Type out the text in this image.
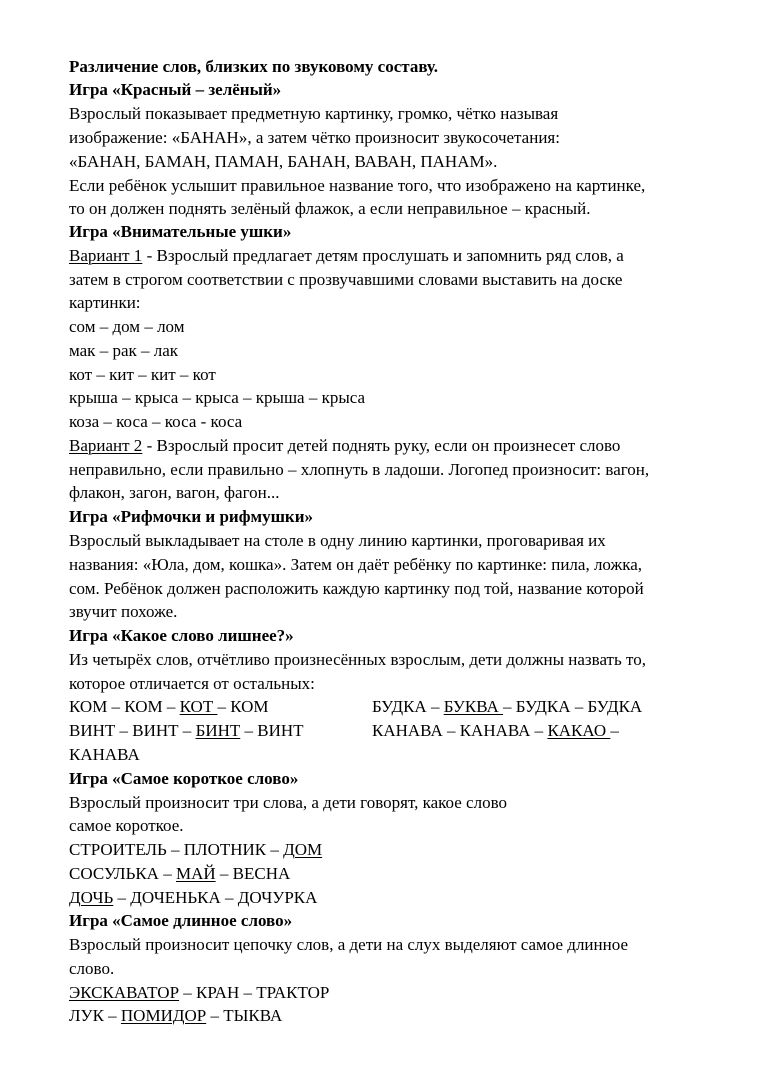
Различение слов, близких по звуковому составу.
Игра «Красный – зелёный»
Взрослый показывает предметную картинку, громко, чётко называя
изображение: «БАНАН», а затем чётко произносит звукосочетания:
«БАНАН, БАМАН, ПАМАН, БАНАН, ВАВАН, ПАНАМ».
Если ребёнок услышит правильное название того, что изображено на картинке,
то он должен поднять зелёный флажок, а если неправильное – красный.
Игра «Внимательные ушки»
Вариант 1 - Взрослый предлагает детям прослушать и запомнить ряд слов, а
затем в строгом соответствии с прозвучавшими словами выставить на доске
картинки:
сом – дом – лом
мак – рак – лак
кот – кит – кит – кот
крыша – крыса – крыса – крыша – крыса
коза – коса – коса - коса
Вариант 2 - Взрослый просит детей поднять руку, если он произнесет слово
неправильно, если правильно – хлопнуть в ладоши. Логопед произносит: вагон,
флакон, загон, вагон, фагон...
Игра «Рифмочки и рифмушки»
Взрослый выкладывает на столе в одну линию картинки, проговаривая их
названия: «Юла, дом, кошка». Затем он даёт ребёнку по картинке: пила, ложка,
сом. Ребёнок должен расположить каждую картинку под той, название которой
звучит похоже.
Игра «Какое слово лишнее?»
Из четырёх слов, отчётливо произнесённых взрослым, дети должны назвать то,
которое отличается от остальных:
КОМ – КОМ – КОТ – КОМ	БУДКА – БУКВА – БУДКА – БУДКА
ВИНТ – ВИНТ – БИНТ – ВИНТ	КАНАВА – КАНАВА – КАКАО –
КАНАВА
Игра «Самое короткое слово»
Взрослый произносит три слова, а дети говорят, какое слово
самое короткое.
СТРОИТЕЛЬ – ПЛОТНИК – ДОМ
СОСУЛЬКА – МАЙ – ВЕСНА
ДОЧЬ – ДОЧЕНЬКА – ДОЧУРКА
Игра «Самое длинное слово»
Взрослый произносит цепочку слов, а дети на слух выделяют самое длинное
слово.
ЭКСКАВАТОР – КРАН – ТРАКТОР
ЛУК – ПОМИДОР – ТЫКВА
